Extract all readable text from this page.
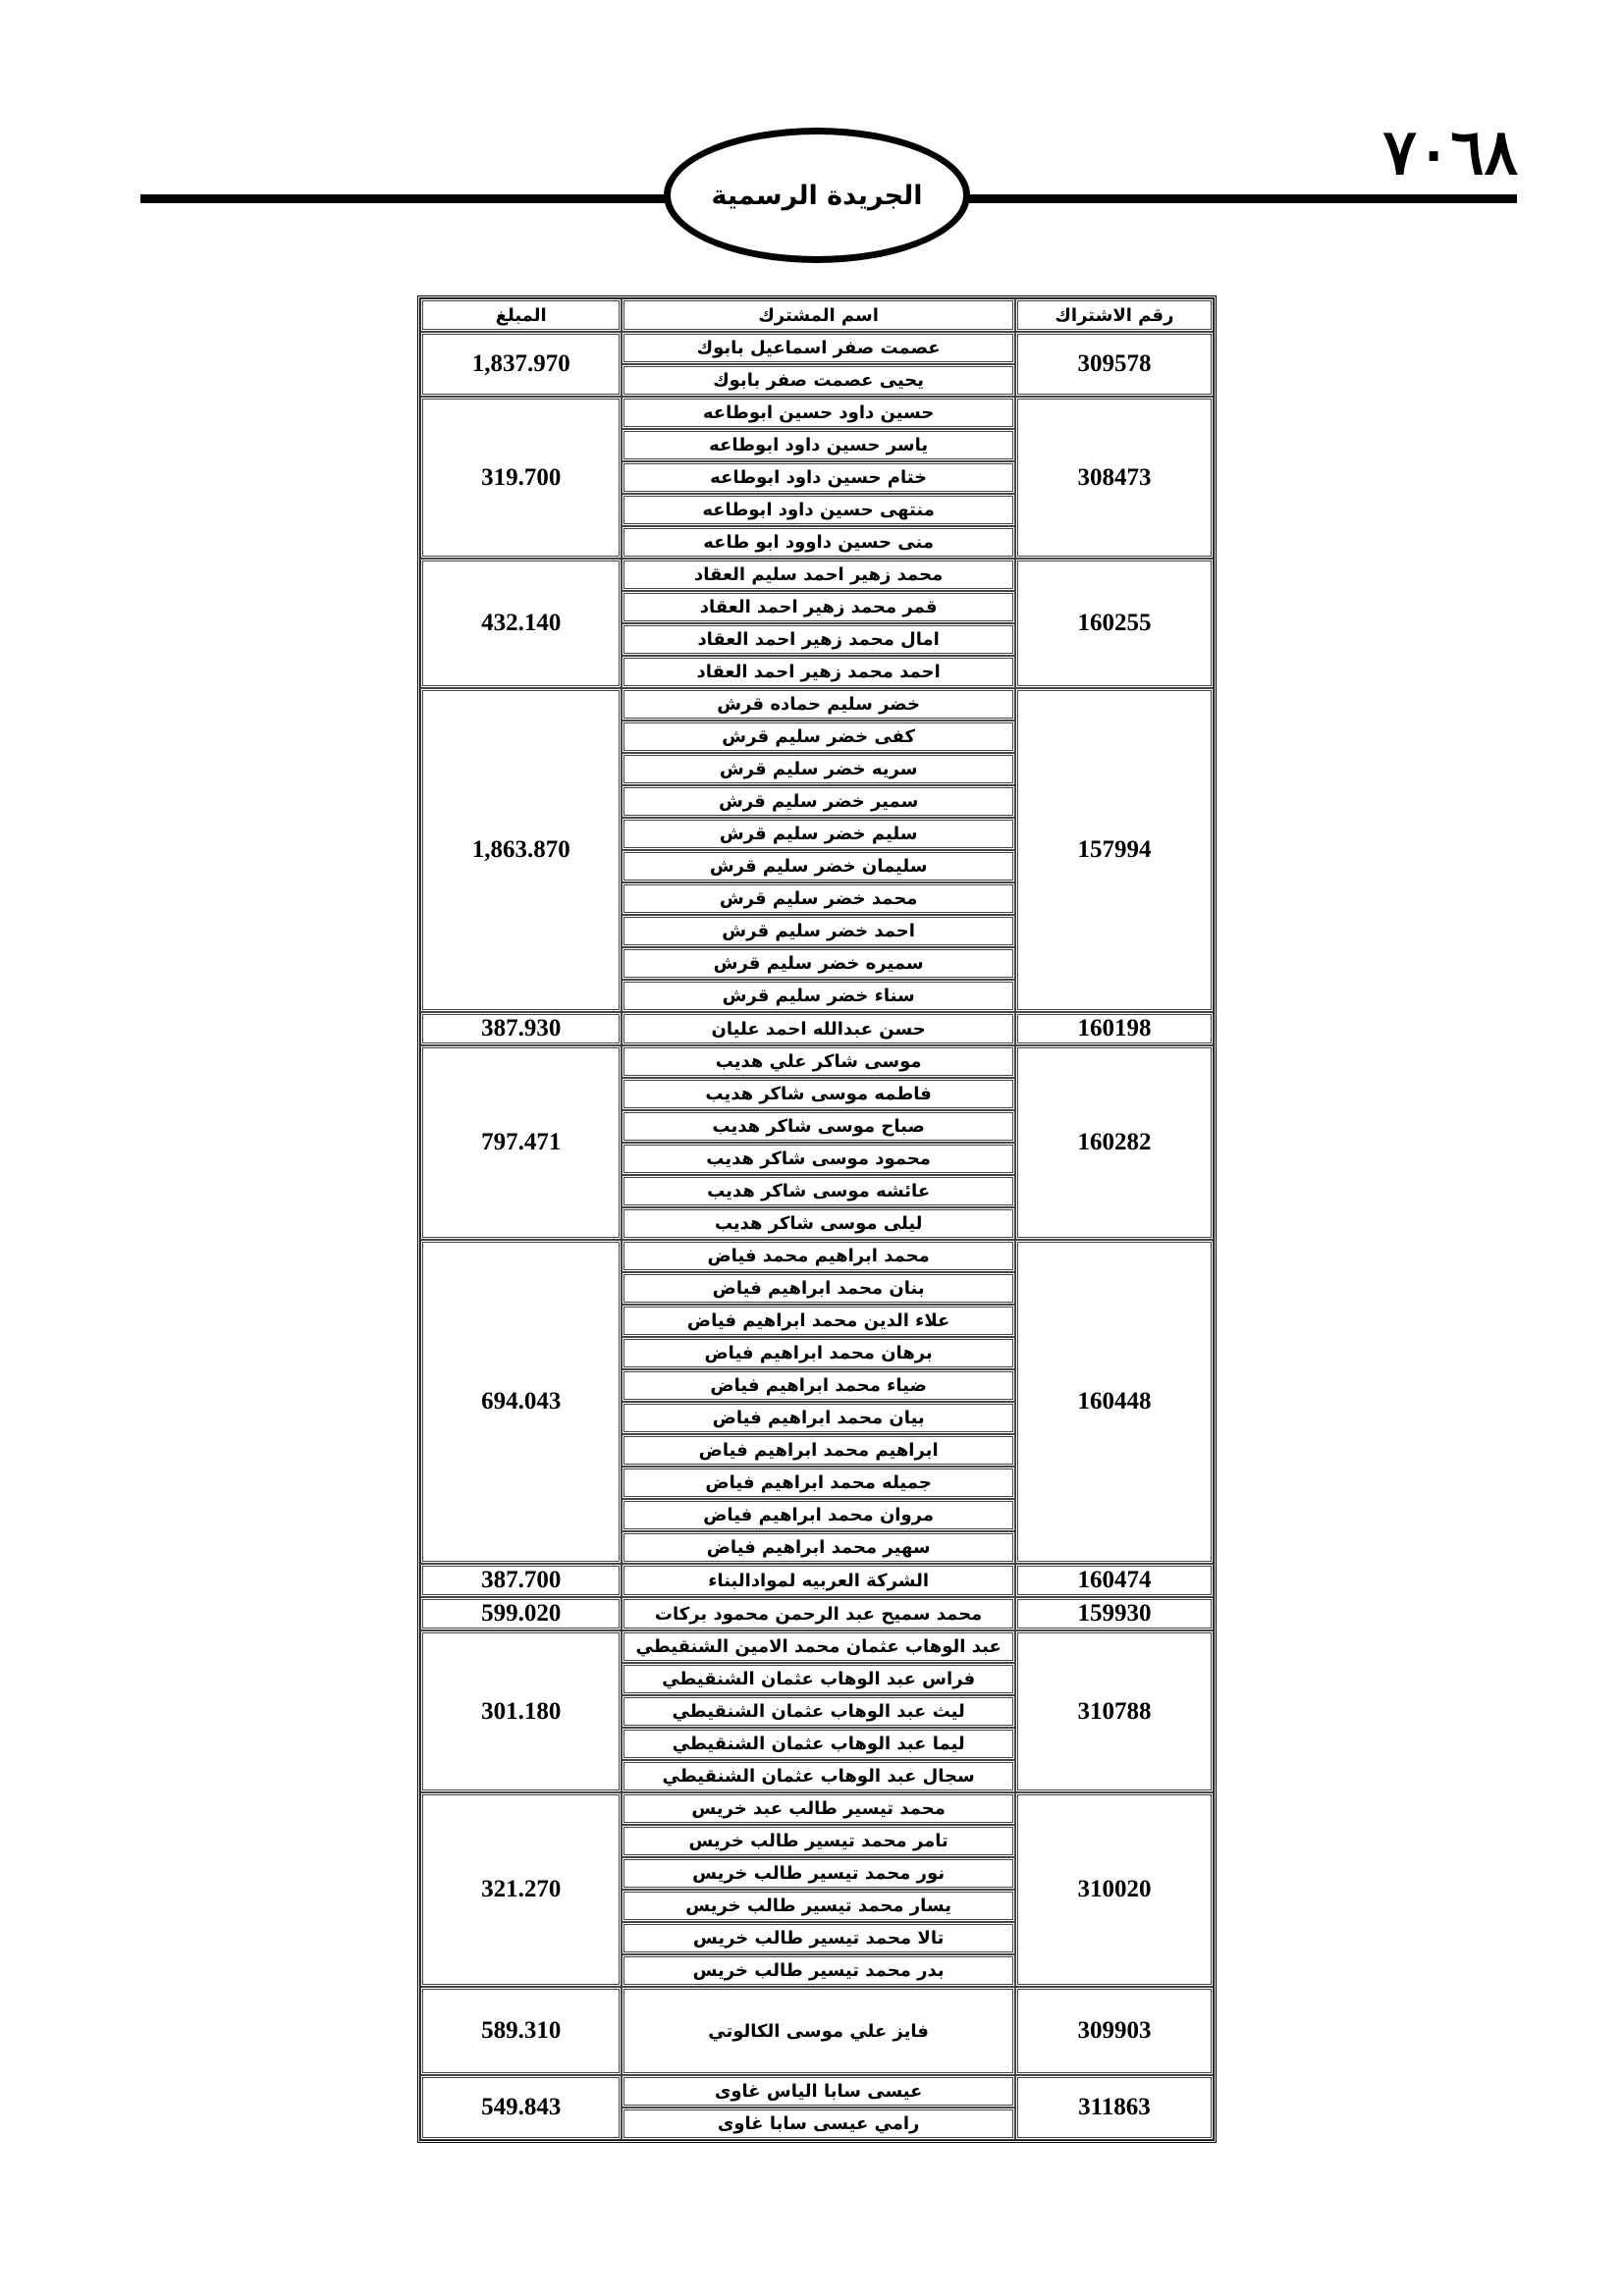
الجريدة الرسمية
٧٠٦٨
رقم الاشتراك	اسم المشترك	المبلغ
309578	عصمت صفر اسماعيل بابوك	1,837.970
	يحيى عصمت صفر بابوك	
308473	حسين داود حسين ابوطاعه	319.700
	ياسر حسين داود ابوطاعه	
	ختام حسين داود ابوطاعه	
	منتهى حسين داود ابوطاعه	
	منى حسين داوود ابو طاعه	
160255	محمد زهير احمد سليم العقاد	432.140
	قمر محمد زهير احمد العقاد	
	امال محمد زهير احمد العقاد	
	احمد محمد زهير احمد العقاد	
157994	خضر سليم حماده قرش	1,863.870
	كفى خضر سليم قرش	
	سريه خضر سليم قرش	
	سمير خضر سليم قرش	
	سليم خضر سليم قرش	
	سليمان خضر سليم قرش	
	محمد خضر سليم قرش	
	احمد خضر سليم قرش	
	سميره خضر سليم قرش	
	سناء خضر سليم قرش	
160198	حسن عبدالله احمد عليان	387.930
160282	موسى شاكر علي هديب	797.471
	فاطمه موسى شاكر هديب	
	صباح موسى شاكر هديب	
	محمود موسى شاكر هديب	
	عائشه موسى شاكر هديب	
	ليلى موسى شاكر هديب	
160448	محمد ابراهيم محمد فياض	694.043
	بنان محمد ابراهيم فياض	
	علاء الدين محمد ابراهيم فياض	
	برهان محمد ابراهيم فياض	
	ضياء محمد ابراهيم فياض	
	بيان محمد ابراهيم فياض	
	ابراهيم محمد ابراهيم فياض	
	جميله محمد ابراهيم فياض	
	مروان محمد ابراهيم فياض	
	سهير محمد ابراهيم فياض	
160474	الشركة العربيه لموادالبناء	387.700
159930	محمد سميح عبد الرحمن محمود بركات	599.020
310788	عبد الوهاب عثمان محمد الامين الشنقيطي	301.180
	فراس عبد الوهاب عثمان الشنقيطي	
	ليث عبد الوهاب عثمان الشنقيطي	
	ليما عبد الوهاب عثمان الشنقيطي	
	سجال عبد الوهاب عثمان الشنقيطي	
310020	محمد تيسير طالب عبد خريس	321.270
	تامر محمد تيسير طالب خريس	
	نور محمد تيسير طالب خريس	
	يسار محمد تيسير طالب خريس	
	تالا محمد تيسير طالب خريس	
	بدر محمد تيسير طالب خريس	
309903	فايز علي موسى الكالوتي	589.310
311863	عيسى سابا الياس غاوى	549.843
	رامي عيسى سابا غاوى	
